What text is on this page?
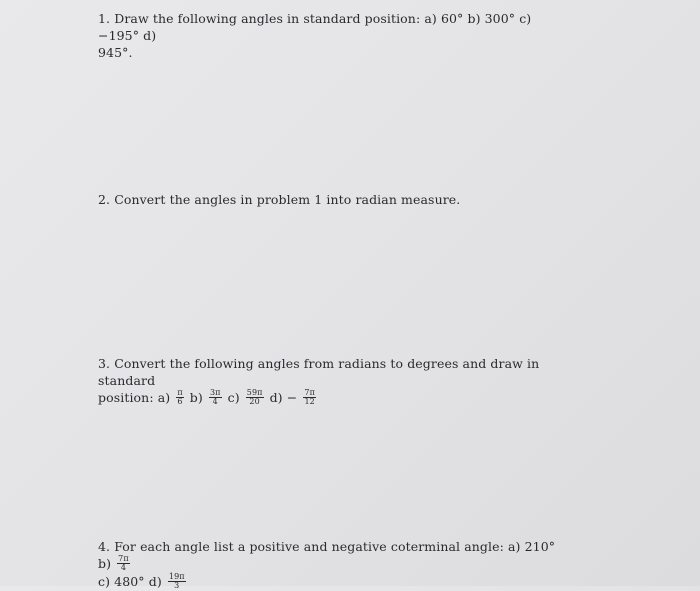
1. Draw the following angles in standard position: a) 60° b) 300° c) −195° d)
945°.
2. Convert the angles in problem 1 into radian measure.
3. Convert the following angles from radians to degrees and draw in standard
position: $a) \frac{\pi}{6} b) \frac{3\pi}{4} c) \frac{59\pi}{20} d) - \frac{7\pi}{12}$
4. For each angle list a positive and negative coterminal angle: a) 210° $b) \frac{7\pi}{4}$
c) 480° $d) \frac{19\pi}{3}$
